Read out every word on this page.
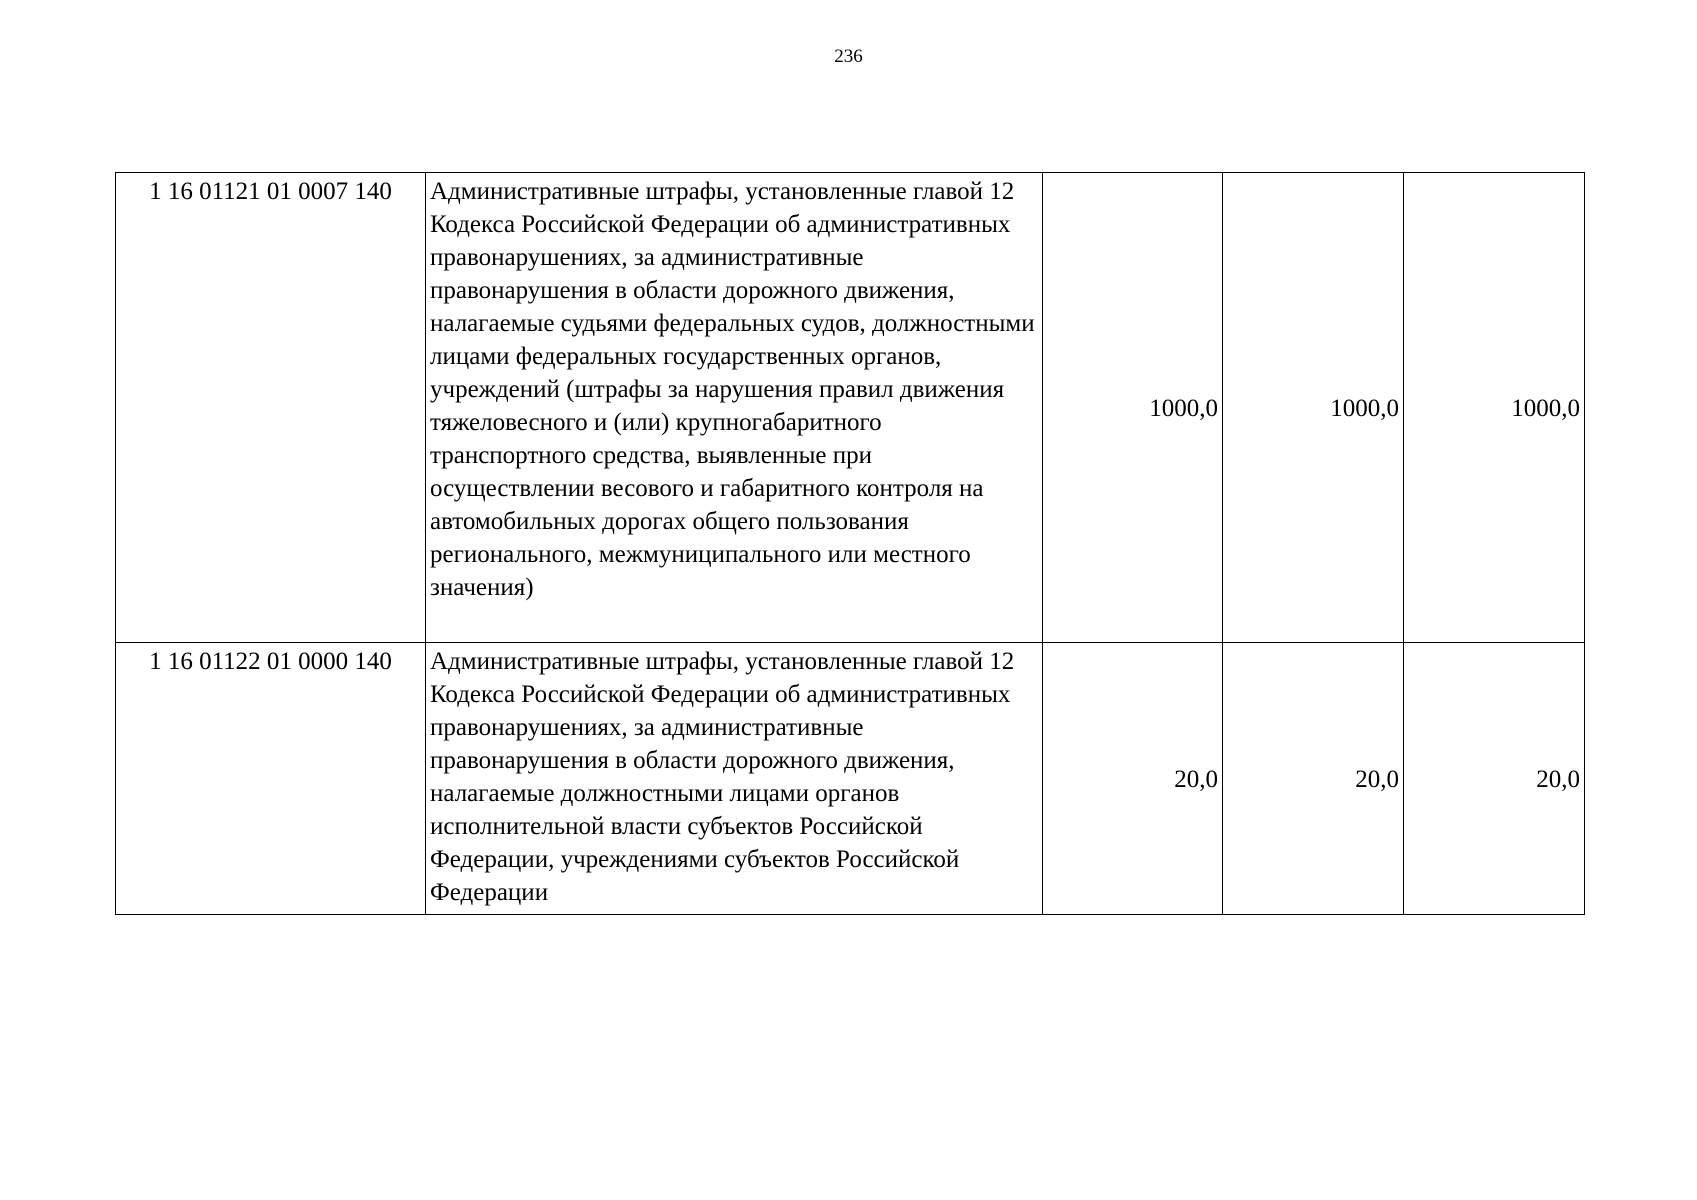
236
1 16 01121 01 0007 140	Административные штрафы, установленные главой 12 Кодекса Российской Федерации об административных правонарушениях, за административные правонарушения в области дорожного движения, налагаемые судьями федеральных судов, должностными лицами федеральных государственных органов, учреждений (штрафы за нарушения правил движения тяжеловесного и (или) крупногабаритного транспортного средства, выявленные при осуществлении весового и габаритного контроля на автомобильных дорогах общего пользования регионального, межмуниципального или местного значения)	1000,0	1000,0	1000,0
1 16 01122 01 0000 140	Административные штрафы, установленные главой 12 Кодекса Российской Федерации об административных правонарушениях, за административные правонарушения в области дорожного движения, налагаемые должностными лицами органов исполнительной власти субъектов Российской Федерации, учреждениями субъектов Российской Федерации	20,0	20,0	20,0
